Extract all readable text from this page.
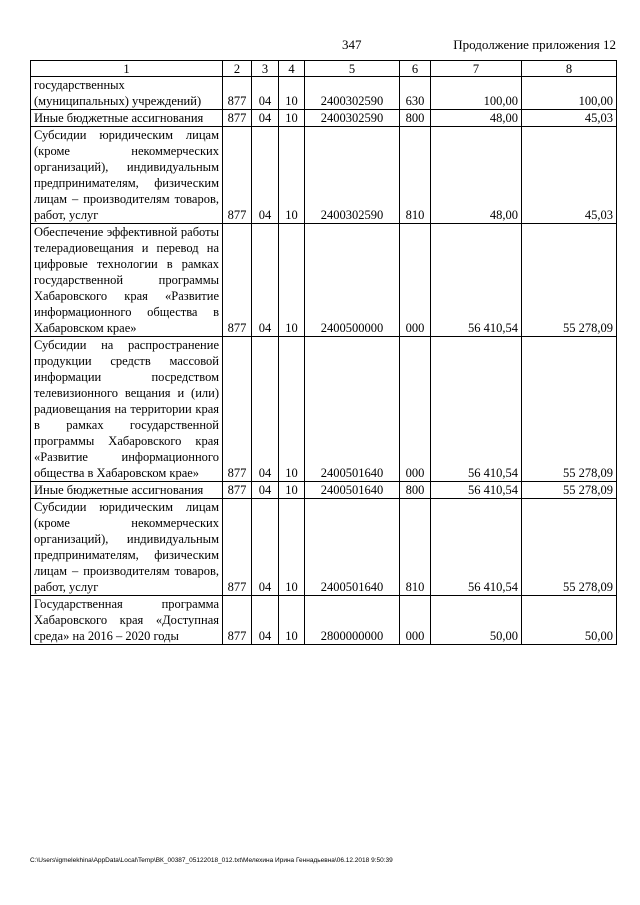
347	Продолжение приложения 12
1	2	3	4	5	6	7	8
государственных (муниципальных) учреждений)	877	04	10	2400302590	630	100,00	100,00
Иные бюджетные ассигнования	877	04	10	2400302590	800	48,00	45,03
Субсидии юридическим лицам (кроме некоммерческих организаций), индивидуальным предпринимателям, физическим лицам – производителям товаров, работ, услуг	877	04	10	2400302590	810	48,00	45,03
Обеспечение эффективной работы телерадиовещания и перевод на цифровые технологии в рамках государственной программы Хабаровского края «Развитие информационного общества в Хабаровском крае»	877	04	10	2400500000	000	56 410,54	55 278,09
Субсидии на распространение продукции средств массовой информации посредством телевизионного вещания и (или) радиовещания на территории края в рамках государственной программы Хабаровского края «Развитие информационного общества в Хабаровском крае»	877	04	10	2400501640	000	56 410,54	55 278,09
Иные бюджетные ассигнования	877	04	10	2400501640	800	56 410,54	55 278,09
Субсидии юридическим лицам (кроме некоммерческих организаций), индивидуальным предпринимателям, физическим лицам – производителям товаров, работ, услуг	877	04	10	2400501640	810	56 410,54	55 278,09
Государственная программа Хабаровского края «Доступная среда» на 2016 – 2020 годы	877	04	10	2800000000	000	50,00	50,00
C:\Users\igmelekhina\AppData\Local\Temp\ВК_00387_05122018_012.txt\Мелехина Ирина Геннадьевна\06.12.2018 9:50:39
